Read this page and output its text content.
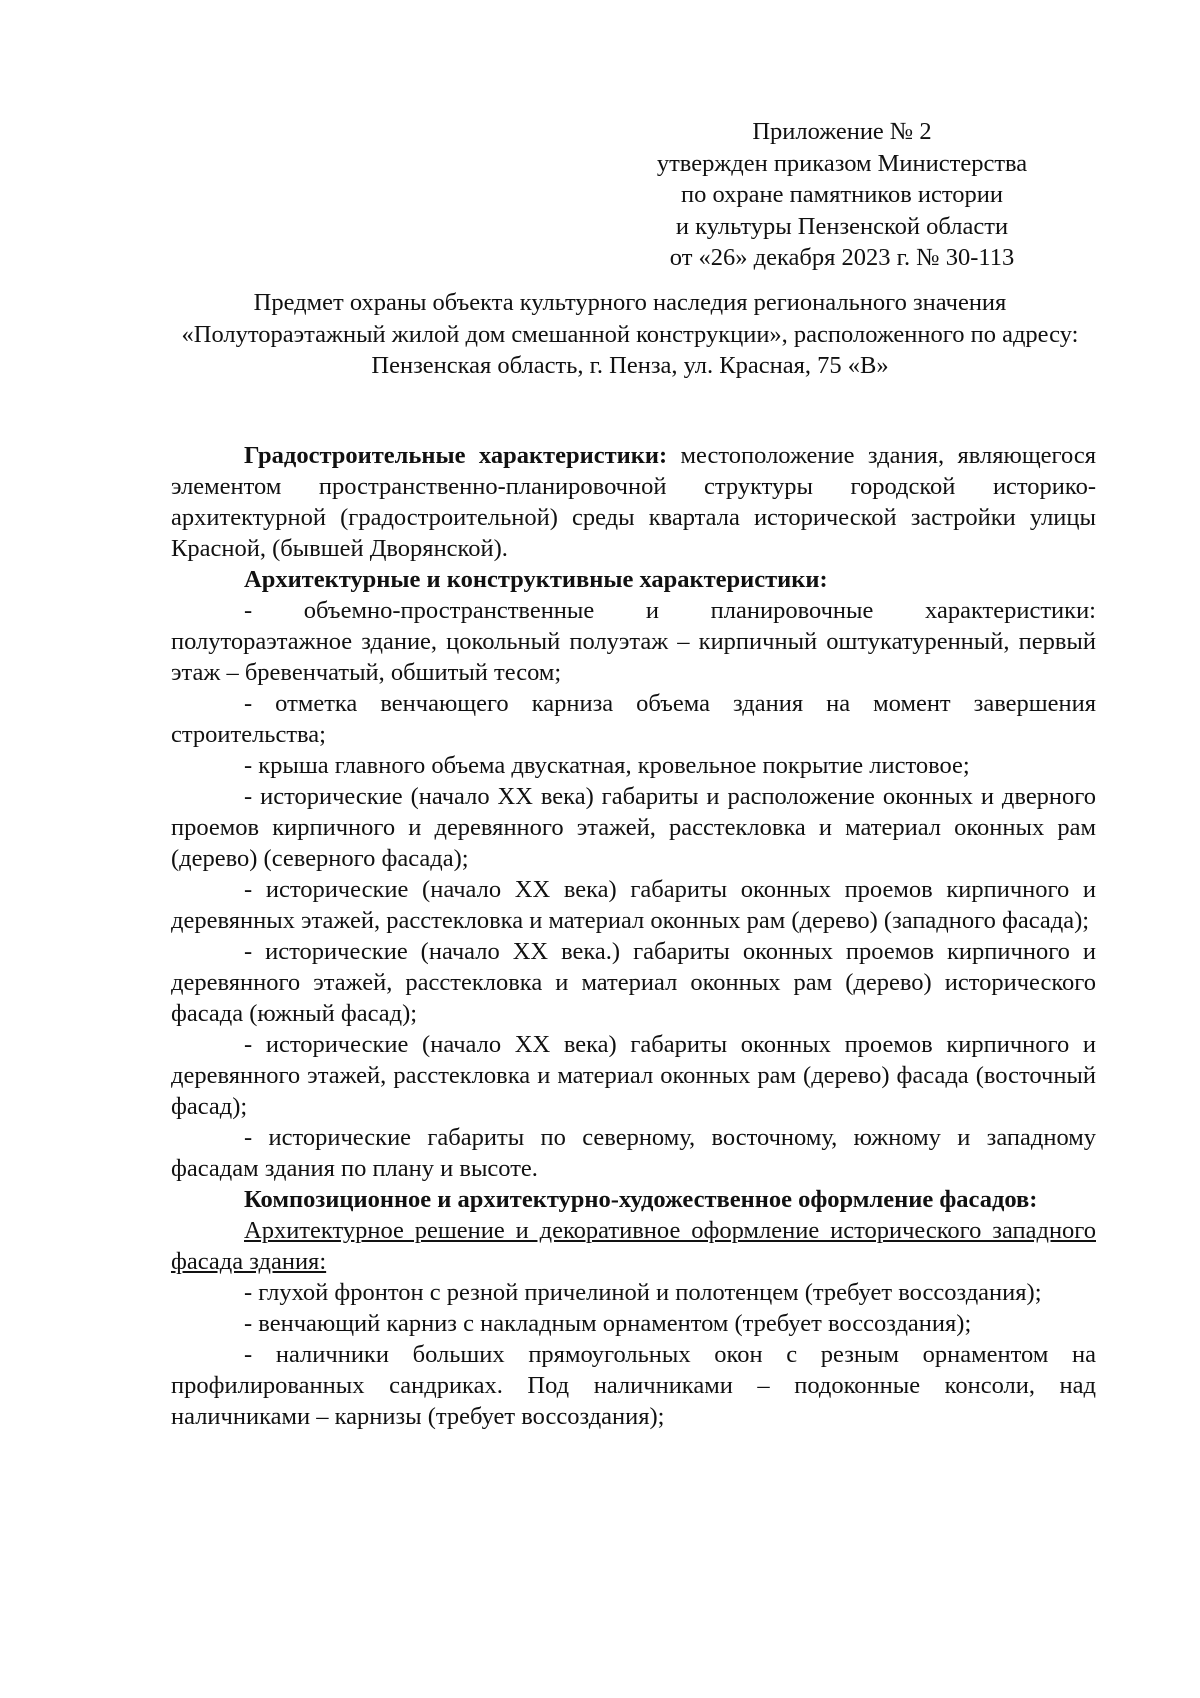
Приложение № 2
утвержден приказом Министерства
по охране памятников истории
и культуры Пензенской области
от «26» декабря 2023 г. № 30-113
Предмет охраны объекта культурного наследия регионального значения «Полутораэтажный жилой дом смешанной конструкции», расположенного по адресу: Пензенская область, г. Пенза, ул. Красная, 75 «В»

Градостроительные характеристики: местоположение здания, являющегося элементом пространственно-планировочной структуры городской историко-архитектурной (градостроительной) среды квартала исторической застройки улицы Красной, (бывшей Дворянской).

Архитектурные и конструктивные характеристики:

- объемно-пространственные и планировочные характеристики: полутораэтажное здание, цокольный полуэтаж – кирпичный оштукатуренный, первый этаж – бревенчатый, обшитый тесом;

- отметка венчающего карниза объема здания на момент завершения строительства;

- крыша главного объема двускатная, кровельное покрытие листовое;

- исторические (начало XX века) габариты и расположение оконных и дверного проемов кирпичного и деревянного этажей, расстекловка и материал оконных рам (дерево) (северного фасада);

- исторические (начало XX века) габариты оконных проемов кирпичного и деревянных этажей, расстекловка и материал оконных рам (дерево) (западного фасада);

- исторические (начало XX века.) габариты оконных проемов кирпичного и деревянного этажей, расстекловка и материал оконных рам (дерево) исторического фасада (южный фасад);

- исторические (начало XX века) габариты оконных проемов кирпичного и деревянного этажей, расстекловка и материал оконных рам (дерево) фасада (восточный фасад);

- исторические габариты по северному, восточному, южному и западному фасадам здания по плану и высоте.

Композиционное и архитектурно-художественное оформление фасадов:

Архитектурное решение и декоративное оформление исторического западного фасада здания:

- глухой фронтон с резной причелиной и полотенцем (требует воссоздания);

- венчающий карниз с накладным орнаментом (требует воссоздания);

- наличники больших прямоугольных окон с резным орнаментом на профилированных сандриках. Под наличниками – подоконные консоли, над наличниками – карнизы (требует воссоздания);
